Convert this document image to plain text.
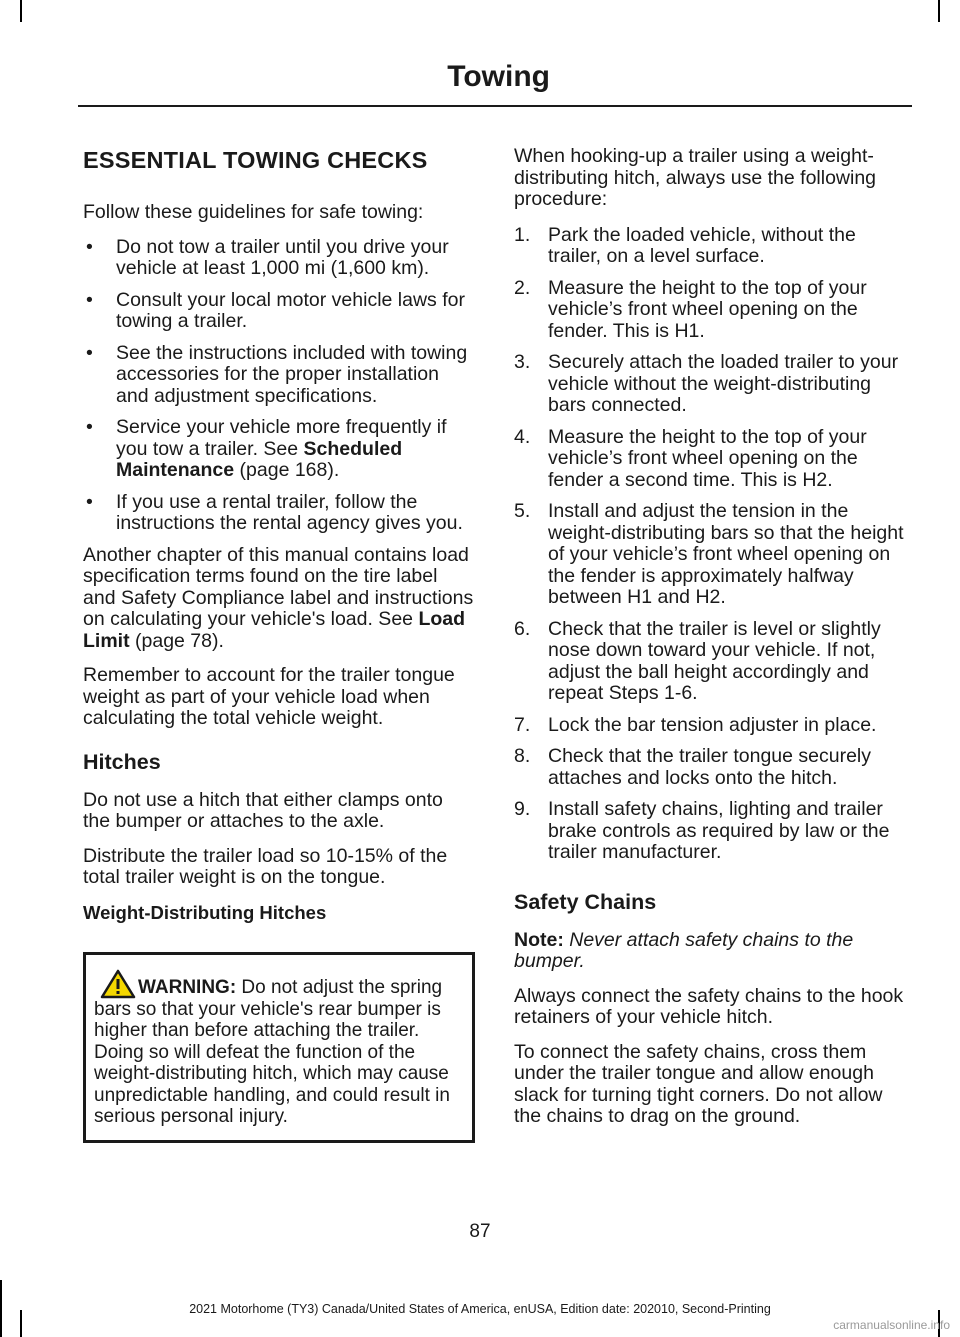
Towing
ESSENTIAL TOWING CHECKS

Follow these guidelines for safe towing:

• Do not tow a trailer until you drive your vehicle at least 1,000 mi (1,600 km).
• Consult your local motor vehicle laws for towing a trailer.
• See the instructions included with towing accessories for the proper installation and adjustment specifications.
• Service your vehicle more frequently if you tow a trailer. See Scheduled Maintenance (page 168).
• If you use a rental trailer, follow the instructions the rental agency gives you.

Another chapter of this manual contains load specification terms found on the tire label and Safety Compliance label and instructions on calculating your vehicle's load. See Load Limit (page 78).

Remember to account for the trailer tongue weight as part of your vehicle load when calculating the total vehicle weight.

Hitches

Do not use a hitch that either clamps onto the bumper or attaches to the axle.

Distribute the trailer load so 10-15% of the total trailer weight is on the tongue.

Weight-Distributing Hitches
WARNING: Do not adjust the spring bars so that your vehicle's rear bumper is higher than before attaching the trailer. Doing so will defeat the function of the weight-distributing hitch, which may cause unpredictable handling, and could result in serious personal injury.

When hooking-up a trailer using a weight-distributing hitch, always use the following procedure:

1. Park the loaded vehicle, without the trailer, on a level surface.
2. Measure the height to the top of your vehicle’s front wheel opening on the fender. This is H1.
3. Securely attach the loaded trailer to your vehicle without the weight-distributing bars connected.
4. Measure the height to the top of your vehicle’s front wheel opening on the fender a second time. This is H2.
5. Install and adjust the tension in the weight-distributing bars so that the height of your vehicle’s front wheel opening on the fender is approximately halfway between H1 and H2.
6. Check that the trailer is level or slightly nose down toward your vehicle. If not, adjust the ball height accordingly and repeat Steps 1-6.
7. Lock the bar tension adjuster in place.
8. Check that the trailer tongue securely attaches and locks onto the hitch.
9. Install safety chains, lighting and trailer brake controls as required by law or the trailer manufacturer.
Safety Chains

Note: Never attach safety chains to the bumper.

Always connect the safety chains to the hook retainers of your vehicle hitch.

To connect the safety chains, cross them under the trailer tongue and allow enough slack for turning tight corners. Do not allow the chains to drag on the ground.

87
2021 Motorhome (TY3) Canada/United States of America, enUSA, Edition date: 202010, Second-Printing
carmanualsonline.info
